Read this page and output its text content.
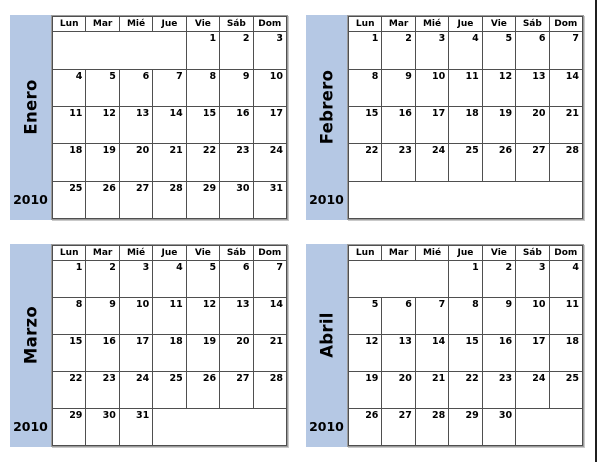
Enero
2010
Lun	Mar	Mié	Jue	Vie	Sáb	Dom
				1	2	3
4	5	6	7	8	9	10
11	12	13	14	15	16	17
18	19	20	21	22	23	24
25	26	27	28	29	30	31
Febrero
2010
Lun	Mar	Mié	Jue	Vie	Sáb	Dom
1	2	3	4	5	6	7
8	9	10	11	12	13	14
15	16	17	18	19	20	21
22	23	24	25	26	27	28

Marzo
2010
Lun	Mar	Mié	Jue	Vie	Sáb	Dom
1	2	3	4	5	6	7
8	9	10	11	12	13	14
15	16	17	18	19	20	21
22	23	24	25	26	27	28
29	30	31				
Abril
2010
Lun	Mar	Mié	Jue	Vie	Sáb	Dom
			1	2	3	4
5	6	7	8	9	10	11
12	13	14	15	16	17	18
19	20	21	22	23	24	25
26	27	28	29	30		
